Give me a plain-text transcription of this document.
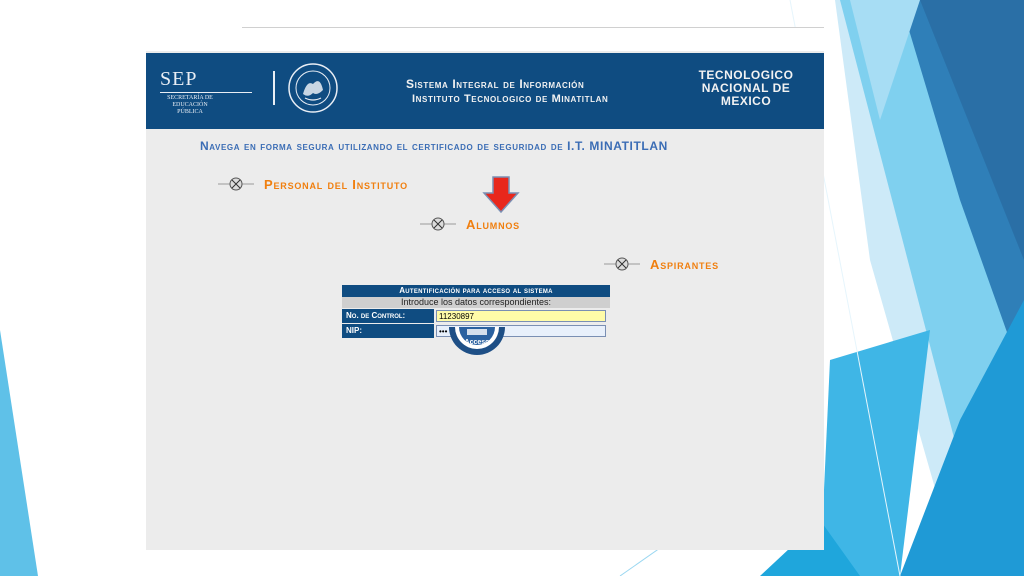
SEP
SECRETARÍA DE EDUCACIÓN PÚBLICA
Sistema Integral de Información
Instituto Tecnologico de Minatitlan
TECNOLOGICO NACIONAL DE MEXICO
Navega en forma segura utilizando el certificado de seguridad de I.T. MINATITLAN
Personal del Instituto
Alumnos
Aspirantes
Autentificación para acceso al sistema
Introduce los datos correspondientes:
No. de Control:
11230897
NIP:
•••
Acceso
